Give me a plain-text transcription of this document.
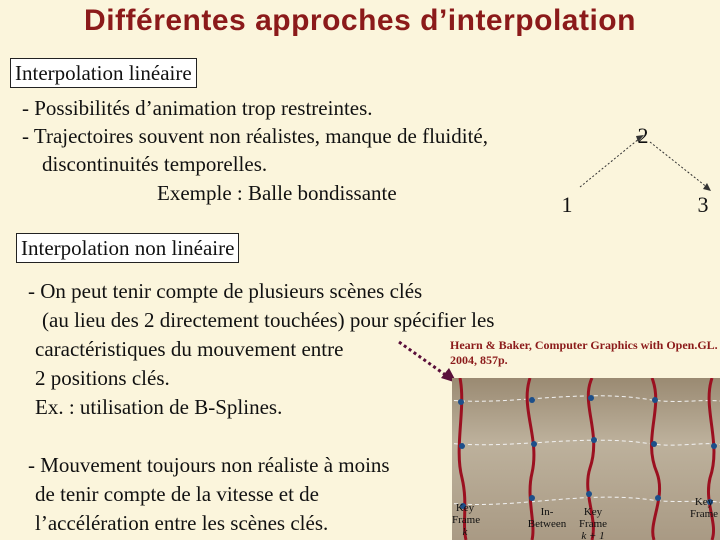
Différentes approches d’interpolation
Interpolation linéaire
- Possibilités d’animation trop restreintes.
- Trajectoires souvent non réalistes, manque de fluidité,
discontinuités temporelles.
Exemple : Balle bondissante	1
2
3
Interpolation non linéaire
- On peut tenir compte de plusieurs scènes clés
(au lieu des 2 directement touchées) pour spécifier les
caractéristiques du mouvement entre
2 positions clés.
Ex. : utilisation de B-Splines.
- Mouvement toujours non réaliste à moins
de tenir compte de la vitesse et de
l’accélération entre les scènes clés.
Hearn & Baker, Computer Graphics with Open.GL.
2004, 857p.
Key
Frame
k
In-
Between
Key
Frame
k + 1
Key
Frame
